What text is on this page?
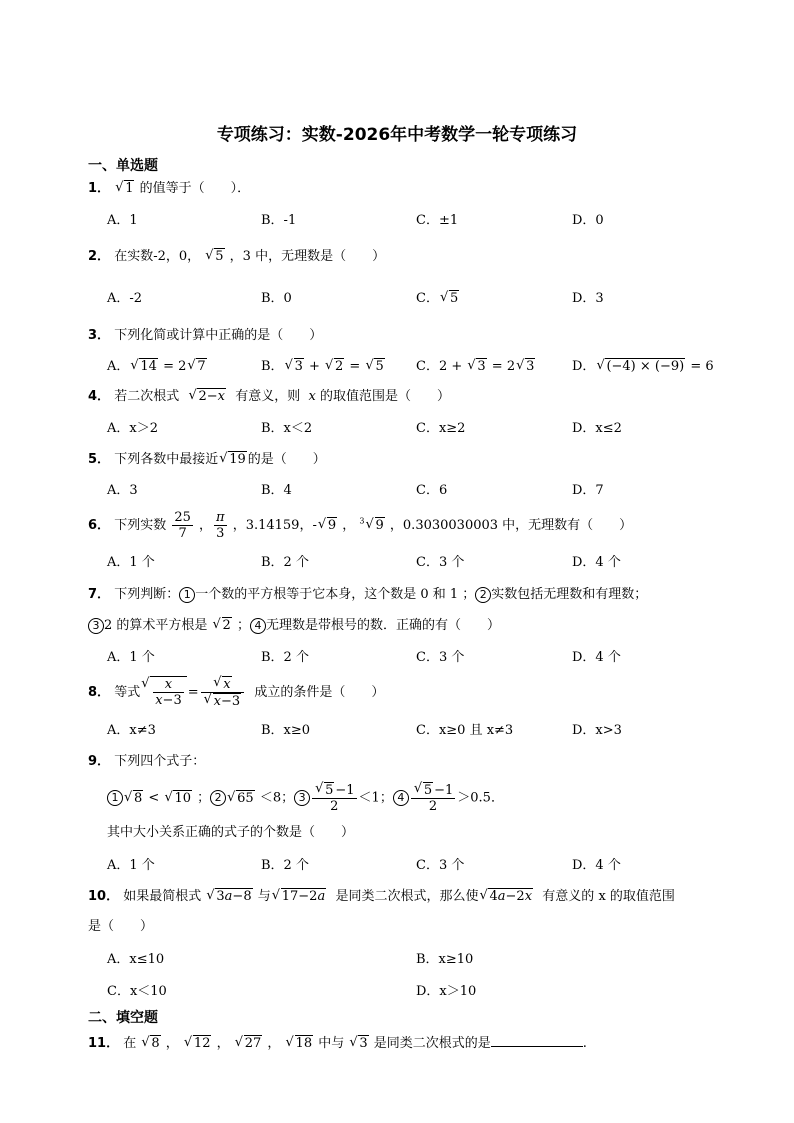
专项练习：实数-2026年中考数学一轮专项练习
一、单选题
1． √ 1 的值等于（　　）．
A．1	B．-1	C．±1	D．0
2． 在实数-2，0， √ 5 ，3 中，无理数是（　　）
A．-2	B．0	C． √ 5	D．3
3． 下列化简或计算中正确的是（　　）
A． √ 14 = 2 √ 7	B． √ 3 + √ 2 = √ 5 C．2 + √ 3 = 2 √ 3	D． √ (−4) × (−9) = 6
4． 若二次根式  √ 2−x  有意义，则  x 的取值范围是（　　）
A．x＞2	B．x＜2	C．x≥2	D．x≤2
5． 下列各数中最接近 √ 19 的是（　　）
A．3	B．4	C．6	D．7
6． 下列实数 $\frac{25}{7}$ ， $\frac{\pi}{3}$ ，3.14159，- √ 9 ， $^3$ √ 9 ，0.3030030003 中，无理数有（　　）
A．1 个	B．2 个	C．3 个	D．4 个
7． 下列判断： 1 一个数的平方根等于它本身，这个数是 0 和 1 ； 2 实数包括无理数和有理数；
3 2 的算术平方根是 √ 2 ； 4 无理数是带根号的数．正确的有（　　）
A．1 个	B．2 个	C．3 个	D．4 个
8． 等式 √ $\frac{x}{x-3}$ = √ x
√ x−3 成立的条件是（　　）
A．x≠3	B．x≥0	C．x≥0 且 x≠3	D．x>3
9． 下列四个式子：
1 √ 8 < √ 10 ； 2 √ 65 ＜8； 3 √ $\frac{5 -1}{2} <1$； 4 √ $\frac{5 -1}{2} >0.5$．
其中大小关系正确的式子的个数是（　　）
A．1 个	B．2 个	C．3 个	D．4 个
10． 如果最简根式 √ 3a−8 与 √ 17−2a  是同类二次根式，那么使 √ 4a−2x  有意义的 x 的取值范围
是（　　）
A．x≤10	B．x≥10
C．x＜10	D．x＞10
二、填空题
11． 在 √ 8 ， √ 12 ， √ 27 ， √ 18 中与 √ 3 是同类二次根式的是	.
